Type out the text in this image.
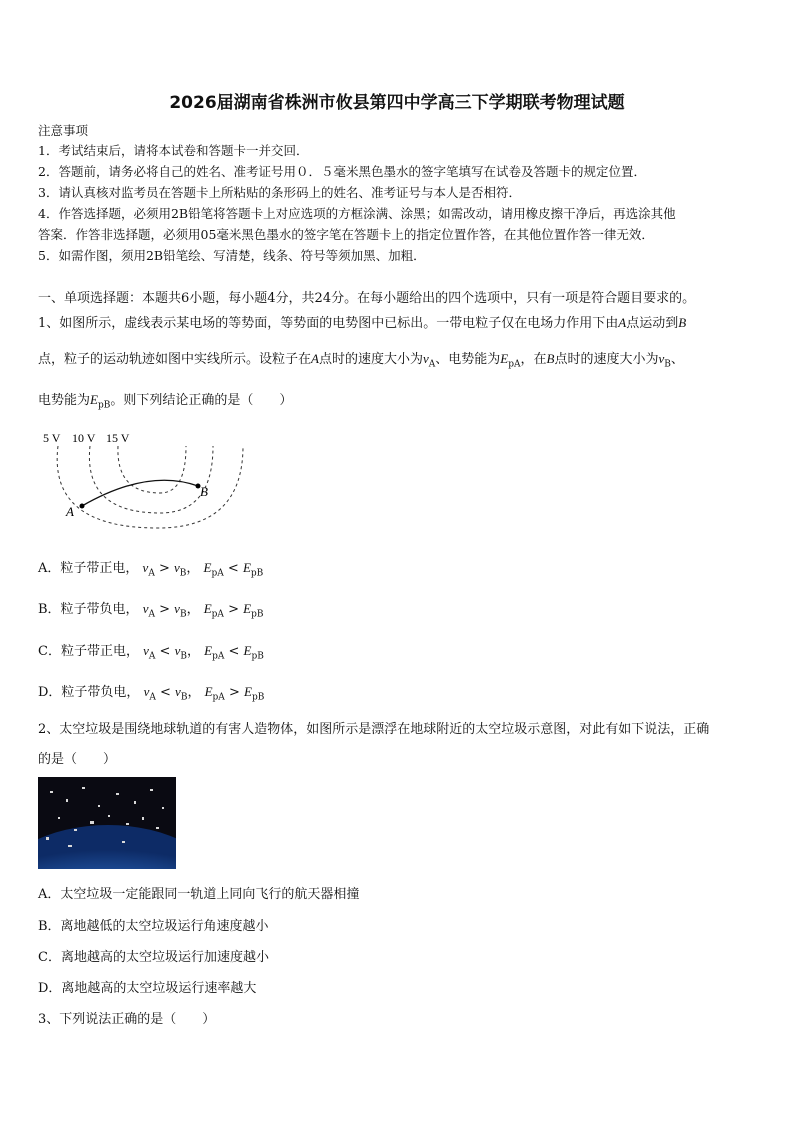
2026届湖南省株洲市攸县第四中学高三下学期联考物理试题
注意事项
1．考试结束后，请将本试卷和答题卡一并交回．
2．答题前，请务必将自己的姓名、准考证号用０．５毫米黑色墨水的签字笔填写在试卷及答题卡的规定位置．
3．请认真核对监考员在答题卡上所粘贴的条形码上的姓名、准考证号与本人是否相符．
4．作答选择题，必须用2B铅笔将答题卡上对应选项的方框涂满、涂黑；如需改动，请用橡皮擦干净后，再选涂其他
答案．作答非选择题，必须用05毫米黑色墨水的签字笔在答题卡上的指定位置作答，在其他位置作答一律无效．
5．如需作图，须用2B铅笔绘、写清楚，线条、符号等须加黑、加粗．
一、单项选择题：本题共6小题，每小题4分，共24分。在每小题给出的四个选项中，只有一项是符合题目要求的。
1、如图所示，虚线表示某电场的等势面，等势面的电势图中已标出。一带电粒子仅在电场力作用下由A点运动到B
点，粒子的运动轨迹如图中实线所示。设粒子在A点时的速度大小为$v_A$、电势能为$E_{pA}$，在B点时的速度大小为$v_B$、
电势能为$E_{pB}$。则下列结论正确的是（　　）
5 V 10 V 15 V
A
B
A．粒子带正电， $v_A > v_B$， $E_{pA} < E_{pB}$
B．粒子带负电， $v_A > v_B$， $E_{pA} > E_{pB}$
C．粒子带正电， $v_A < v_B$， $E_{pA} < E_{pB}$
D．粒子带负电， $v_A < v_B$， $E_{pA} > E_{pB}$
2、太空垃圾是围绕地球轨道的有害人造物体，如图所示是漂浮在地球附近的太空垃圾示意图，对此有如下说法，正确
的是（　　）
A．太空垃圾一定能跟同一轨道上同向飞行的航天器相撞
B．离地越低的太空垃圾运行角速度越小
C．离地越高的太空垃圾运行加速度越小
D．离地越高的太空垃圾运行速率越大
3、下列说法正确的是（　　）
